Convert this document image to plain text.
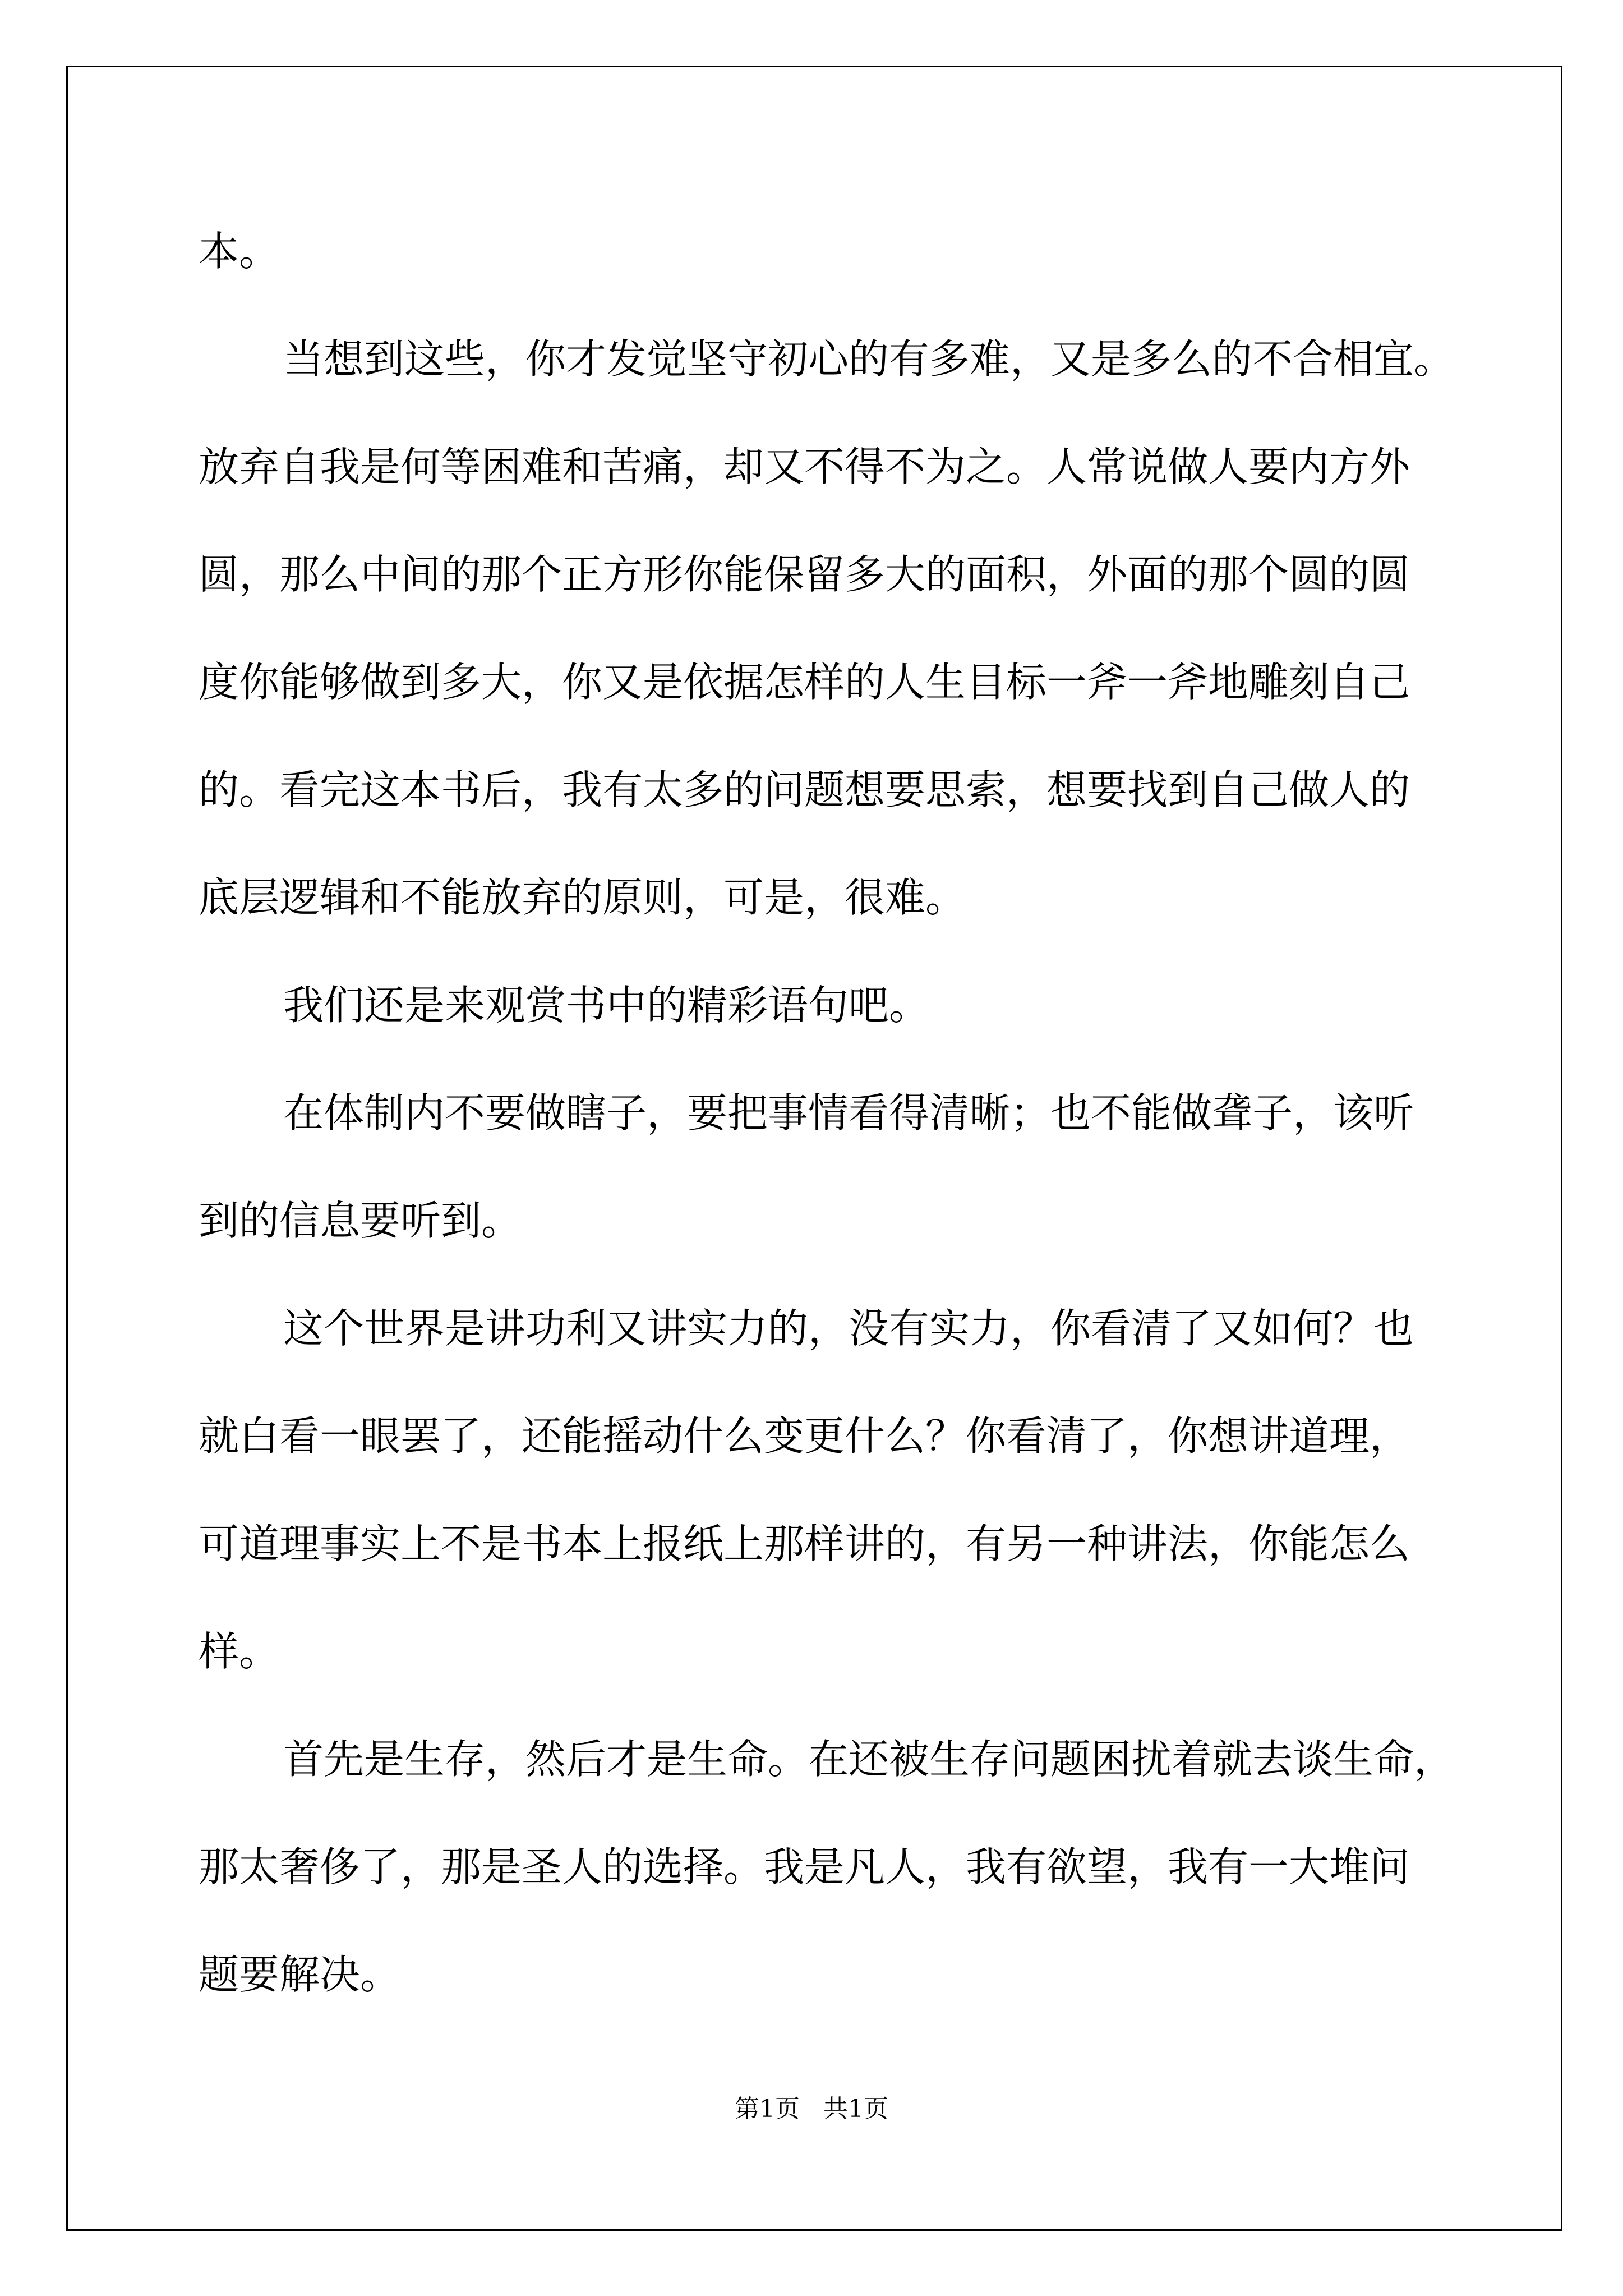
本。

当想到这些，你才发觉坚守初心的有多难，又是多么的不合相宜。

放弃自我是何等困难和苦痛，却又不得不为之。人常说做人要内方外

圆，那么中间的那个正方形你能保留多大的面积，外面的那个圆的圆

度你能够做到多大，你又是依据怎样的人生目标一斧一斧地雕刻自己

的。看完这本书后，我有太多的问题想要思索，想要找到自己做人的

底层逻辑和不能放弃的原则，可是，很难。

我们还是来观赏书中的精彩语句吧。

在体制内不要做瞎子，要把事情看得清晰；也不能做聋子，该听

到的信息要听到。

这个世界是讲功利又讲实力的，没有实力，你看清了又如何？也

就白看一眼罢了，还能摇动什么变更什么？你看清了，你想讲道理，

可道理事实上不是书本上报纸上那样讲的，有另一种讲法，你能怎么

样。

首先是生存，然后才是生命。在还被生存问题困扰着就去谈生命，

那太奢侈了，那是圣人的选择。我是凡人，我有欲望，我有一大堆问

题要解决。

第1页   共1页
